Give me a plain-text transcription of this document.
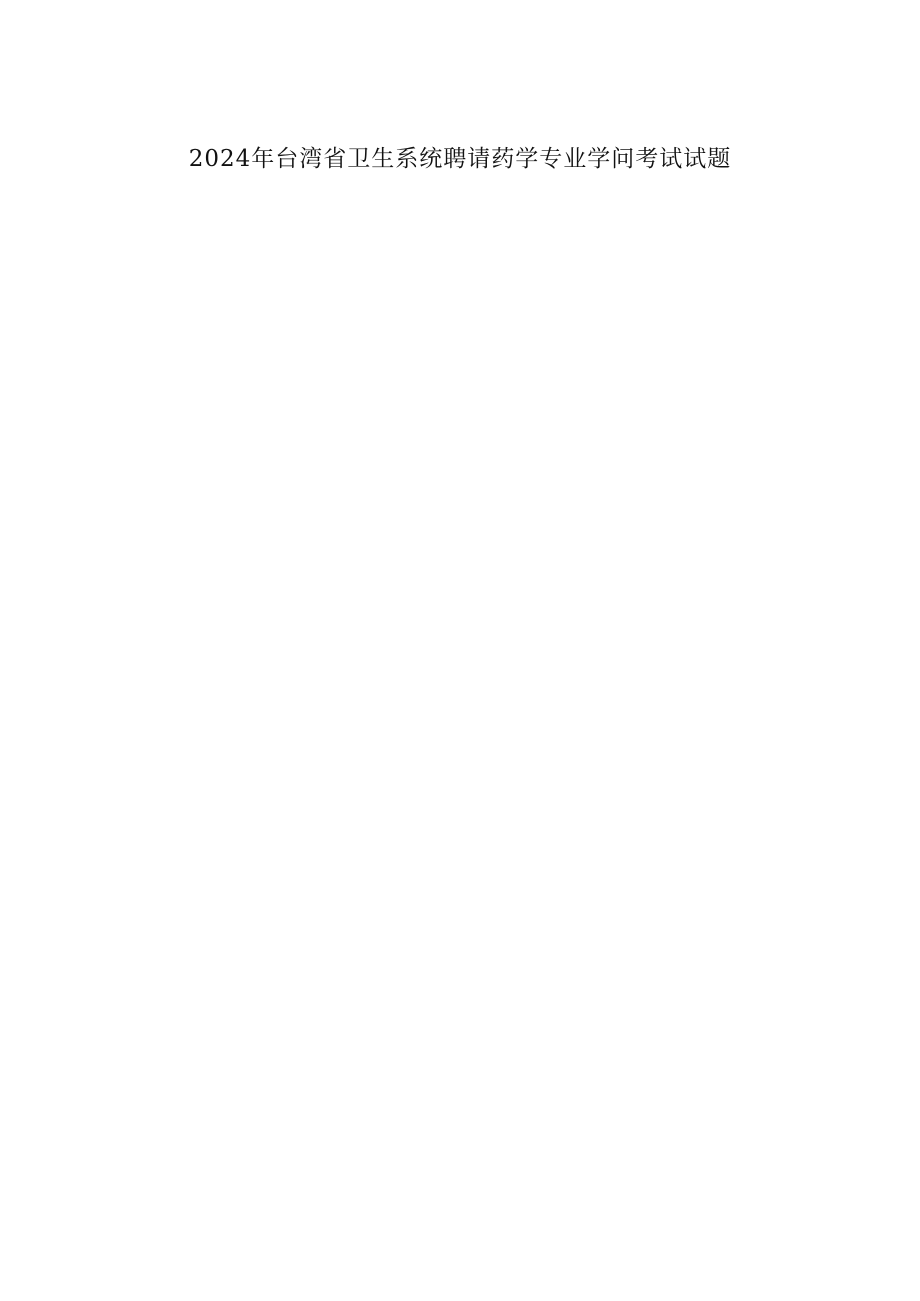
2024年台湾省卫生系统聘请药学专业学问考试试题
